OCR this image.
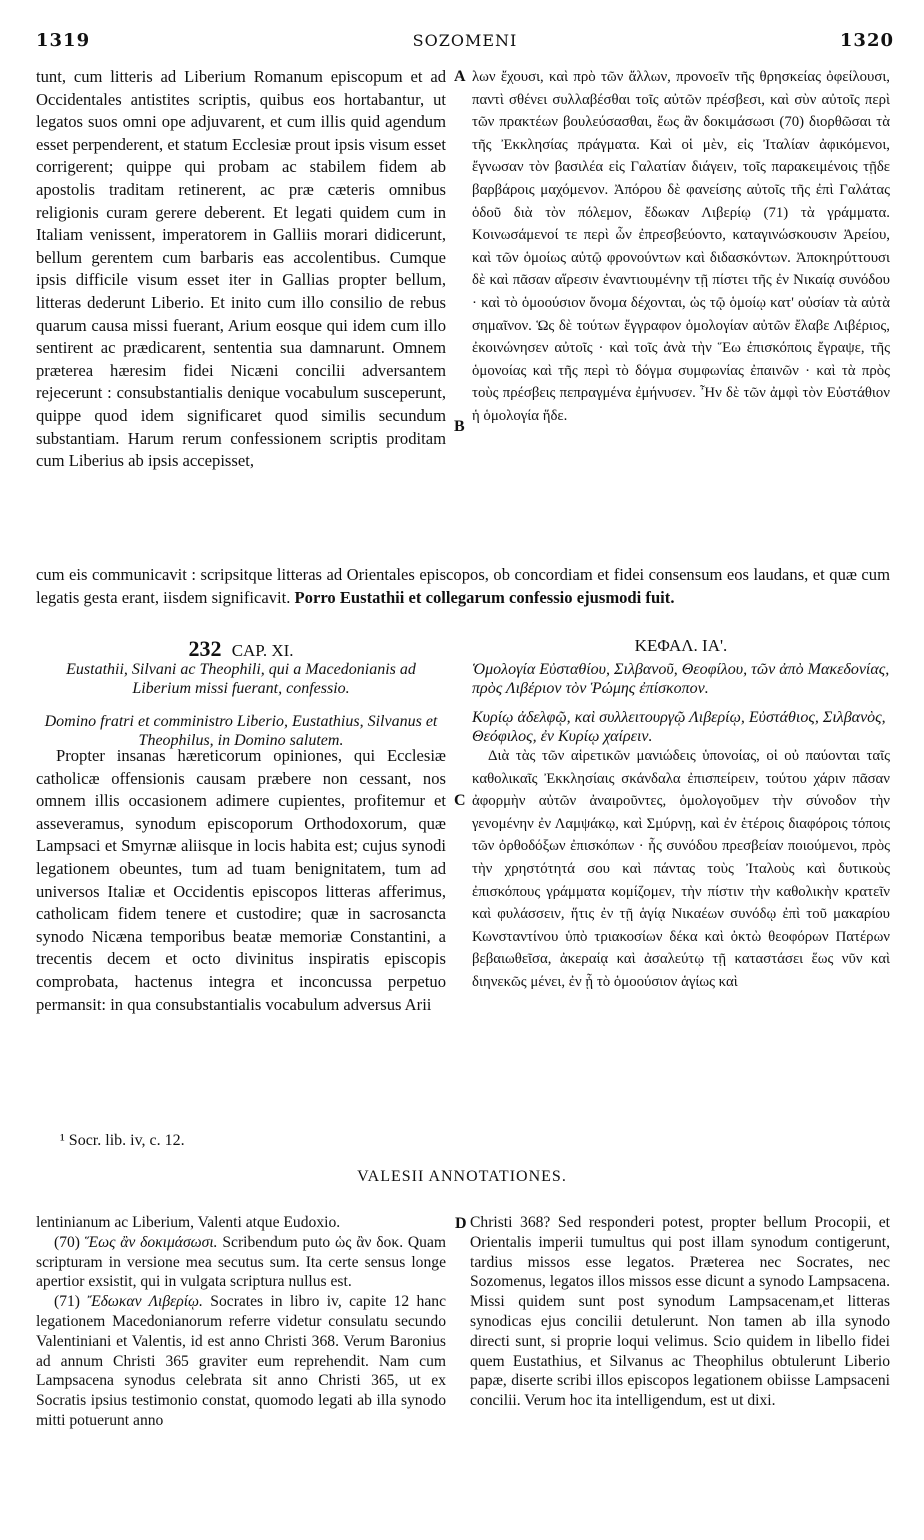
1319	SOZOMENI	1320

tunt, cum litteris ad Liberium Romanum episcopum et ad Occidentales antistites scriptis, quibus eos hortabantur, ut legatos suos omni ope adjuvarent, et cum illis quid agendum esset perpenderent, et statum Ecclesiæ prout ipsis visum esset corrigerent; quippe qui probam ac stabilem fidem ab apostolis traditam retinerent, ac præ cæteris omnibus religionis curam gerere deberent. Et legati quidem cum in Italiam venissent, imperatorem in Galliis morari didicerunt, bellum gerentem cum barbaris eas accolentibus. Cumque ipsis difficile visum esset iter in Gallias propter bellum, litteras dederunt Liberio. Et inito cum illo consilio de rebus quarum causa missi fuerant, Arium eosque qui idem cum illo sentirent ac prædicarent, sententia sua damnarunt. Omnem præterea hæresim fidei Nicæni concilii adversantem rejecerunt : consubstantialis denique vocabulum susceperunt, quippe quod idem significaret quod similis secundum substantiam. Harum rerum confessionem scriptis proditam cum Liberius ab ipsis accepisset,

A λων ἔχουσι, καὶ πρὸ τῶν ἄλλων, προνοεῖν τῆς θρησκείας ὀφείλουσι, παντὶ σθένει συλλαβέσθαι τοῖς αὐτῶν πρέσβεσι, καὶ σὺν αὐτοῖς περὶ τῶν πρακτέων βουλεύσασθαι, ἕως ἂν δοκιμάσωσι (70) διορθῶσαι τὰ τῆς Ἐκκλησίας πράγματα. Καὶ οἱ μὲν, εἰς Ἰταλίαν ἀφικόμενοι, ἔγνωσαν τὸν βασιλέα εἰς Γαλατίαν διάγειν, τοῖς παρακειμένοις τῇδε βαρβάροις μαχόμενον. Ἀπόρου δὲ φανείσης αὐτοῖς τῆς ἐπὶ Γαλάτας ὁδοῦ διὰ τὸν πόλεμον, ἔδωκαν Λιβερίῳ (71) τὰ γράμματα. Κοινωσάμενοί τε περὶ ὧν ἐπρεσβεύοντο, καταγινώσκουσιν Ἀρείου, καὶ τῶν ὁμοίως αὐτῷ φρονούντων καὶ διδασκόντων. Ἀποκηρύττουσι δὲ καὶ πᾶσαν αἵρεσιν ἐναντιουμένην τῇ πίστει τῆς ἐν Νικαίᾳ συνόδου · καὶ τὸ ὁμοούσιον ὄνομα δέχονται, ὡς τῷ ὁμοίῳ κατ' οὐσίαν τὰ αὐτὰ σημαῖνον. Ὡς δὲ τούτων ἔγγραφον ὁμολογίαν αὐτῶν ἔλαβε Λιβέριος, ἐκοινώνησεν αὐτοῖς · καὶ τοῖς ἀνὰ τὴν Ἕω ἐπισκόποις ἔγραψε, τῆς ὁμονοίας καὶ τῆς περὶ τὸ δόγμα συμφωνίας ἐπαινῶν · καὶ τὰ πρὸς τοὺς πρέσβεις πεπραγμένα ἐμήνυσεν. Ἦν δὲ τῶν ἀμφὶ τὸν Εὐστάθιον ἡ ὁμολογία ἥδε.

B

cum eis communicavit : scripsitque litteras ad Orientales episcopos, ob concordiam et fidei consensum eos laudans, et quæ cum legatis gesta erant, iisdem significavit. Porro Eustathii et collegarum confessio ejusmodi fuit.

232 CAP. XI.
Eustathii, Silvani ac Theophili, qui a Macedonianis ad Liberium missi fuerant, confessio.
Domino fratri et comministro Liberio, Eustathius, Silvanus et Theophilus, in Domino salutem.
ΚΕΦΑΛ. ΙΑ'.
Ὁμολογία Εὐσταθίου, Σιλβανοῦ, Θεοφίλου, τῶν ἀπὸ Μακεδονίας, πρὸς Λιβέριον τὸν Ῥώμης ἐπίσκοπον.
Κυρίῳ ἀδελφῷ, καὶ συλλειτουργῷ Λιβερίῳ, Εὐστάθιος, Σιλβανὸς, Θεόφιλος, ἐν Κυρίῳ χαίρειν.
Propter insanas hæreticorum opiniones, qui Ecclesiæ catholicæ offensionis causam præbere non cessant, nos omnem illis occasionem adimere cupientes, profitemur et asseveramus, synodum episcoporum Orthodoxorum, quæ Lampsaci et Smyrnæ aliisque in locis habita est; cujus synodi legationem obeuntes, tum ad tuam benignitatem, tum ad universos Italiæ et Occidentis episcopos litteras afferimus, catholicam fidem tenere et custodire; quæ in sacrosancta synodo Nicæna temporibus beatæ memoriæ Constantini, a trecentis decem et octo divinitus inspiratis episcopis comprobata, hactenus integra et inconcussa perpetuo permansit: in qua consubstantialis vocabulum adversus Arii
C
Διὰ τὰς τῶν αἱρετικῶν μανιώδεις ὑπονοίας, οἱ οὐ παύονται ταῖς καθολικαῖς Ἐκκλησίαις σκάνδαλα ἐπισπείρειν, τούτου χάριν πᾶσαν ἀφορμὴν αὐτῶν ἀναιροῦντες, ὁμολογοῦμεν τὴν σύνοδον τὴν γενομένην ἐν Λαμψάκῳ, καὶ Σμύρνῃ, καὶ ἐν ἑτέροις διαφόροις τόποις τῶν ὀρθοδόξων ἐπισκόπων · ἧς συνόδου πρεσβείαν ποιούμενοι, πρὸς τὴν χρηστότητά σου καὶ πάντας τοὺς Ἰταλοὺς καὶ δυτικοὺς ἐπισκόπους γράμματα κομίζομεν, τὴν πίστιν τὴν καθολικὴν κρατεῖν καὶ φυλάσσειν, ἥτις ἐν τῇ ἁγίᾳ Νικαέων συνόδῳ ἐπὶ τοῦ μακαρίου Κωνσταντίνου ὑπὸ τριακοσίων δέκα καὶ ὀκτὼ θεοφόρων Πατέρων βεβαιωθεῖσα, ἀκεραίᾳ καὶ ἀσαλεύτῳ τῇ καταστάσει ἕως νῦν καὶ διηνεκῶς μένει, ἐν ᾗ τὸ ὁμοούσιον ἁγίως καὶ
¹ Socr. lib. iv, c. 12.
VALESII ANNOTATIONES.

lentinianum ac Liberium, Valenti atque Eudoxio.

(70) Ἕως ἂν δοκιμάσωσι. Scribendum puto ὡς ἂν δοκ. Quam scripturam in versione mea secutus sum. Ita certe sensus longe apertior exsistit, qui in vulgata scriptura nullus est.

(71) Ἔδωκαν Λιβερίῳ. Socrates in libro iv, capite 12 hanc legationem Macedonianorum referre videtur consulatu secundo Valentiniani et Valentis, id est anno Christi 368. Verum Baronius ad annum Christi 365 graviter eum reprehendit. Nam cum Lampsacena synodus celebrata sit anno Christi 365, ut ex Socratis ipsius testimonio constat, quomodo legati ab illa synodo mitti potuerunt anno

D Christi 368? Sed responderi potest, propter bellum Procopii, et Orientalis imperii tumultus qui post illam synodum contigerunt, tardius missos esse legatos. Præterea nec Socrates, nec Sozomenus, legatos illos missos esse dicunt a synodo Lampsacena. Missi quidem sunt post synodum Lampsacenam,et litteras synodicas ejus concilii detulerunt. Non tamen ab illa synodo directi sunt, si proprie loqui velimus. Scio quidem in libello fidei quem Eustathius, et Silvanus ac Theophilus obtulerunt Liberio papæ, diserte scribi illos episcopos legationem obiisse Lampsaceni concilii. Verum hoc ita intelligendum, est ut dixi.
